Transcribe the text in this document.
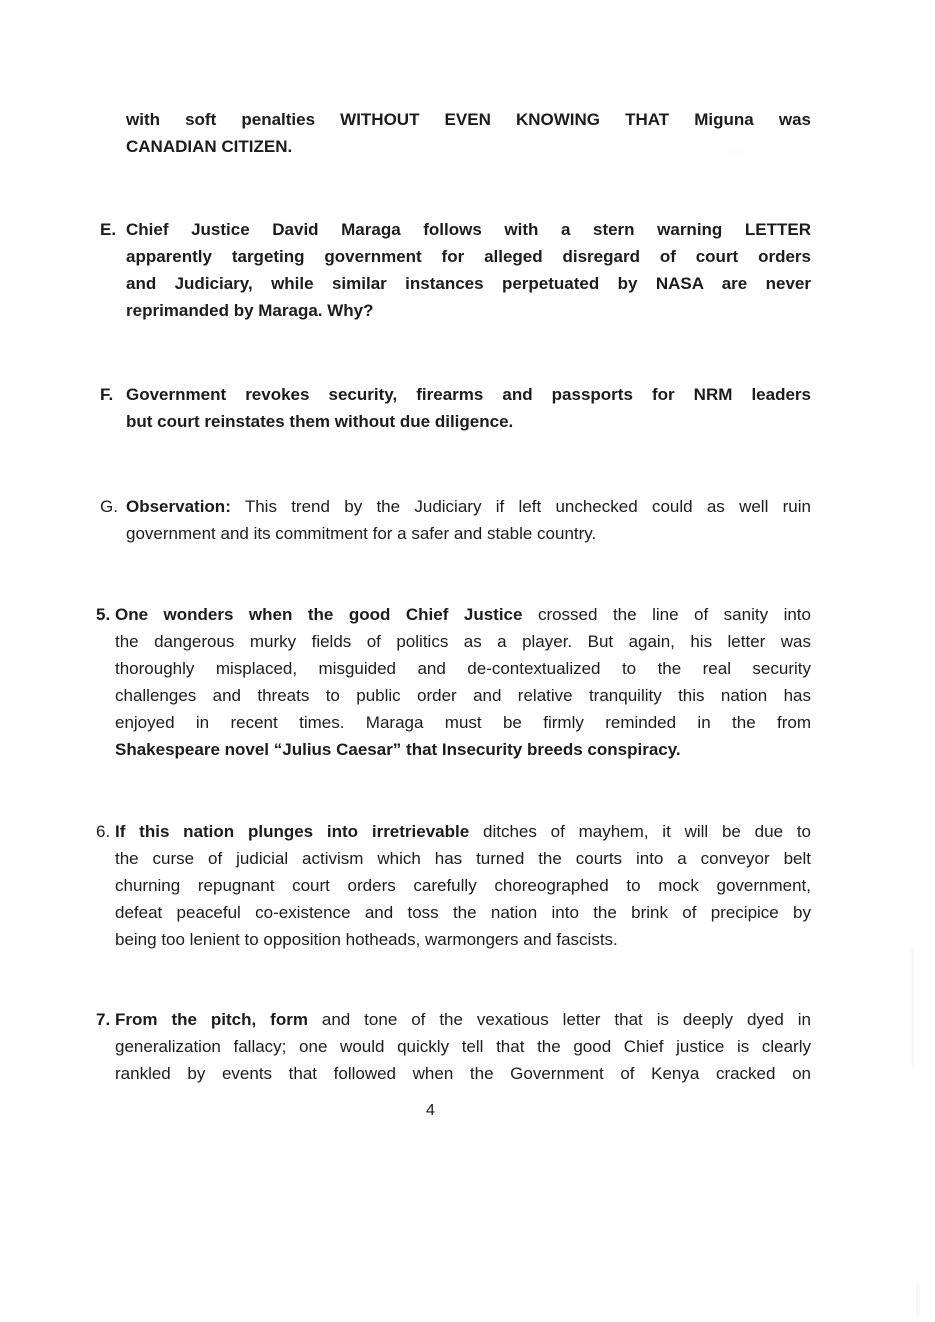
with soft penalties WITHOUT EVEN KNOWING THAT Miguna was
CANADIAN CITIZEN.
E. Chief Justice David Maraga follows with a stern warning LETTER
apparently targeting government for alleged disregard of court orders
and Judiciary, while similar instances perpetuated by NASA are never
reprimanded by Maraga. Why?
F. Government revokes security, firearms and passports for NRM leaders
but court reinstates them without due diligence.
G. Observation: This trend by the Judiciary if left unchecked could as well ruin
government and its commitment for a safer and stable country.
5. One wonders when the good Chief Justice crossed the line of sanity into
the dangerous murky fields of politics as a player. But again, his letter was
thoroughly misplaced, misguided and de-contextualized to the real security
challenges and threats to public order and relative tranquility this nation has
enjoyed in recent times. Maraga must be firmly reminded in the from
Shakespeare novel “Julius Caesar” that Insecurity breeds conspiracy.
6. If this nation plunges into irretrievable ditches of mayhem, it will be due to
the curse of judicial activism which has turned the courts into a conveyor belt
churning repugnant court orders carefully choreographed to mock government,
defeat peaceful co-existence and toss the nation into the brink of precipice by
being too lenient to opposition hotheads, warmongers and fascists.
7. From the pitch, form and tone of the vexatious letter that is deeply dyed in
generalization fallacy; one would quickly tell that the good Chief justice is clearly
rankled by events that followed when the Government of Kenya cracked on
4
